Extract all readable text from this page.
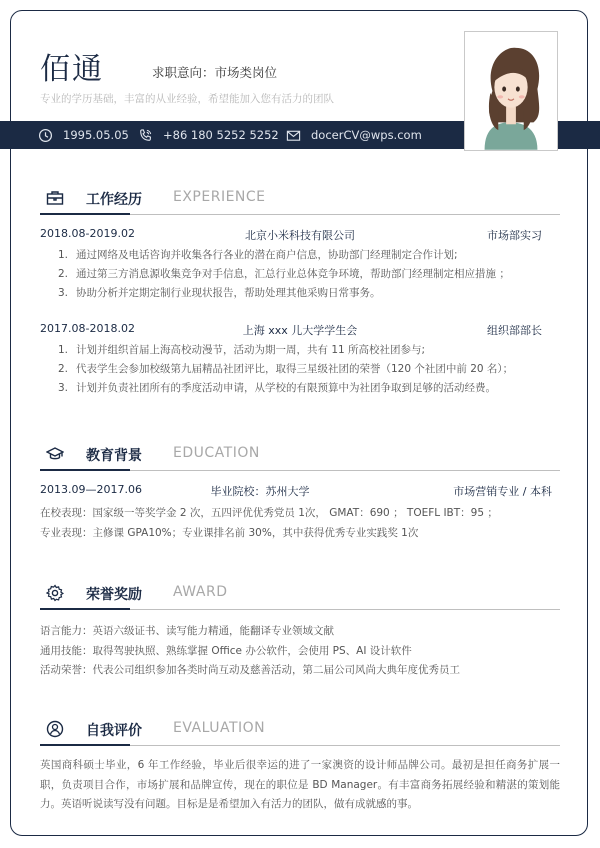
佰通	求职意向：市场类岗位
专业的学历基础，丰富的从业经验，希望能加入您有活力的团队
1995.05.05	+86 180 5252 5252	docerCV@wps.com
工作经历 EXPERIENCE
2018.08-2019.02	北京小米科技有限公司	市场部实习
1. 通过网络及电话咨询并收集各行各业的潜在商户信息，协助部门经理制定合作计划;
2. 通过第三方消息源收集竞争对手信息，汇总行业总体竞争环境，帮助部门经理制定相应措施 ；
3. 协助分析并定期定制行业现状报告，帮助处理其他采购日常事务。
2017.08-2018.02	上海 xxx 儿大学学生会	组织部部长
1. 计划并组织首届上海高校动漫节，活动为期一周，共有 11 所高校社团参与;
2. 代表学生会参加校级第九届精品社团评比，取得三星级社团的荣誉（120 个社团中前 20 名）；
3. 计划并负责社团所有的季度活动申请，从学校的有限预算中为社团争取到足够的活动经费。
教育背景 EDUCATION
2013.09—2017.06	毕业院校：苏州大学	市场营销专业 / 本科
在校表现：国家级一等奖学金 2 次，五四评优优秀党员 1次， GMAT：690 ； TOEFL IBT：95 ；
专业表现：主修课 GPA10%；专业课排名前 30%，其中获得优秀专业实践奖 1次
荣誉奖励 AWARD
语言能力：英语六级证书、读写能力精通，能翻译专业领域文献
通用技能：取得驾驶执照、熟练掌握 Office 办公软件，会使用 PS、AI 设计软件
活动荣誉：代表公司组织参加各类时尚互动及慈善活动，第二届公司风尚大典年度优秀员工
自我评价 EVALUATION
英国商科硕士毕业，6 年工作经验，毕业后很幸运的进了一家澳资的设计师品牌公司。最初是担任商务扩展一职，负责项目合作，市场扩展和品牌宣传，现在的职位是 BD Manager。有丰富商务拓展经验和精湛的策划能力。英语听说读写没有问题。目标是是希望加入有活力的团队，做有成就感的事。
